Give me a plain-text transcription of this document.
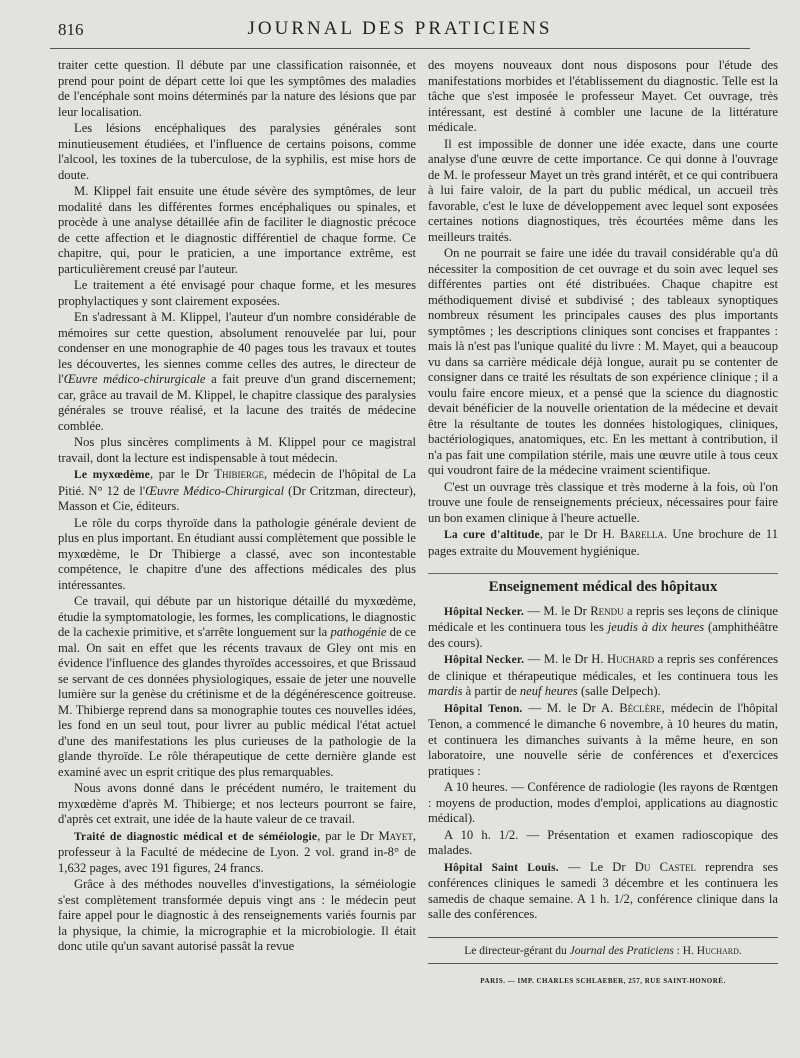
816	JOURNAL DES PRATICIENS

traiter cette question. Il débute par une classification raisonnée, et prend pour point de départ cette loi que les symptômes des maladies de l'encéphale sont moins déterminés par la nature des lésions que par leur localisation.

Les lésions encéphaliques des paralysies générales sont minutieusement étudiées, et l'influence de certains poisons, comme l'alcool, les toxines de la tuberculose, de la syphilis, est mise hors de doute.

M. Klippel fait ensuite une étude sévère des symptômes, de leur modalité dans les différentes formes encéphaliques ou spinales, et procède à une analyse détaillée afin de faciliter le diagnostic précoce de cette affection et le diagnostic différentiel de chaque forme. Ce chapitre, qui, pour le praticien, a une importance extrême, est particulièrement creusé par l'auteur.

Le traitement a été envisagé pour chaque forme, et les mesures prophylactiques y sont clairement exposées.

En s'adressant à M. Klippel, l'auteur d'un nombre considérable de mémoires sur cette question, absolument renouvelée par lui, pour condenser en une monographie de 40 pages tous les travaux et toutes les découvertes, les siennes comme celles des autres, le directeur de l'Œuvre médico-chirurgicale a fait preuve d'un grand discernement; car, grâce au travail de M. Klippel, le chapitre classique des paralysies générales se trouve réalisé, et la lacune des traités de médecine comblée.

Nos plus sincères compliments à M. Klippel pour ce magistral travail, dont la lecture est indispensable à tout médecin.

Le myxœdème, par le Dr Thibierge, médecin de l'hôpital de La Pitié. N° 12 de l'Œuvre Médico-Chirurgical (Dr Critzman, directeur), Masson et Cie, éditeurs.

Le rôle du corps thyroïde dans la pathologie générale devient de plus en plus important. En étudiant aussi complètement que possible le myxœdème, le Dr Thibierge a classé, avec son incontestable compétence, le chapitre d'une des affections médicales des plus intéressantes.

Ce travail, qui débute par un historique détaillé du myxœdème, étudie la symptomatologie, les formes, les complications, le diagnostic de la cachexie primitive, et s'arrête longuement sur la pathogénie de ce mal. On sait en effet que les récents travaux de Gley ont mis en évidence l'influence des glandes thyroïdes accessoires, et que Brissaud se servant de ces données physiologiques, essaie de jeter une nouvelle lumière sur la genèse du crétinisme et de la dégénérescence goitreuse. M. Thibierge reprend dans sa monographie toutes ces nouvelles idées, les fond en un seul tout, pour livrer au public médical l'état actuel d'une des manifestations les plus curieuses de la pathologie de la glande thyroïde. Le rôle thérapeutique de cette dernière glande est examiné avec un esprit critique des plus remarquables.

Nous avons donné dans le précédent numéro, le traitement du myxœdème d'après M. Thibierge; et nos lecteurs pourront se faire, d'après cet extrait, une idée de la haute valeur de ce travail.

Traité de diagnostic médical et de séméiologie, par le Dr Mayet, professeur à la Faculté de médecine de Lyon. 2 vol. grand in-8° de 1,632 pages, avec 191 figures, 24 francs.

Grâce à des méthodes nouvelles d'investigations, la séméiologie s'est complètement transformée depuis vingt ans : le médecin peut faire appel pour le diagnostic à des renseignements variés fournis par la physique, la chimie, la micrographie et la microbiologie. Il était donc utile qu'un savant autorisé passât la revue

des moyens nouveaux dont nous disposons pour l'étude des manifestations morbides et l'établissement du diagnostic. Telle est la tâche que s'est imposée le professeur Mayet. Cet ouvrage, très intéressant, est destiné à combler une lacune de la littérature médicale.

Il est impossible de donner une idée exacte, dans une courte analyse d'une œuvre de cette importance. Ce qui donne à l'ouvrage de M. le professeur Mayet un très grand intérêt, et ce qui contribuera à lui faire valoir, de la part du public médical, un accueil très favorable, c'est le luxe de développement avec lequel sont exposées certaines notions diagnostiques, très écourtées même dans les meilleurs traités.

On ne pourrait se faire une idée du travail considérable qu'a dû nécessiter la composition de cet ouvrage et du soin avec lequel ses différentes parties ont été distribuées. Chaque chapitre est méthodiquement divisé et subdivisé ; des tableaux synoptiques nombreux résument les principales causes des plus importants symptômes ; les descriptions cliniques sont concises et frappantes : mais là n'est pas l'unique qualité du livre : M. Mayet, qui a beaucoup vu dans sa carrière médicale déjà longue, aurait pu se contenter de consigner dans ce traité les résultats de son expérience clinique ; il a voulu faire encore mieux, et a pensé que la science du diagnostic devait bénéficier de la nouvelle orientation de la médecine et devait être la résultante de toutes les données histologiques, cliniques, bactériologiques, anatomiques, etc. En les mettant à contribution, il n'a pas fait une compilation stérile, mais une œuvre utile à tous ceux qui voudront faire de la médecine vraiment scientifique.

C'est un ouvrage très classique et très moderne à la fois, où l'on trouve une foule de renseignements précieux, nécessaires pour faire un bon examen clinique à l'heure actuelle.

La cure d'altitude, par le Dr H. Barella. Une brochure de 11 pages extraite du Mouvement hygiénique.

Enseignement médical des hôpitaux

Hôpital Necker. — M. le Dr Rendu a repris ses leçons de clinique médicale et les continuera tous les jeudis à dix heures (amphithéâtre des cours).

Hôpital Necker. — M. le Dr H. Huchard a repris ses conférences de clinique et thérapeutique médicales, et les continuera tous les mardis à partir de neuf heures (salle Delpech).

Hôpital Tenon. — M. le Dr A. Béclère, médecin de l'hôpital Tenon, a commencé le dimanche 6 novembre, à 10 heures du matin, et continuera les dimanches suivants à la même heure, en son laboratoire, une nouvelle série de conférences et d'exercices pratiques :

A 10 heures. — Conférence de radiologie (les rayons de Rœntgen : moyens de production, modes d'emploi, applications au diagnostic médical).

A 10 h. 1/2. — Présentation et examen radioscopique des malades.

Hôpital Saint Louis. — Le Dr Du Castel reprendra ses conférences cliniques le samedi 3 décembre et les continuera les samedis de chaque semaine. A 1 h. 1/2, conférence clinique dans la salle des conférences.

Le directeur-gérant du Journal des Praticiens : H. Huchard.
PARIS. — IMP. CHARLES SCHLAEBER, 257, RUE SAINT-HONORÉ.
